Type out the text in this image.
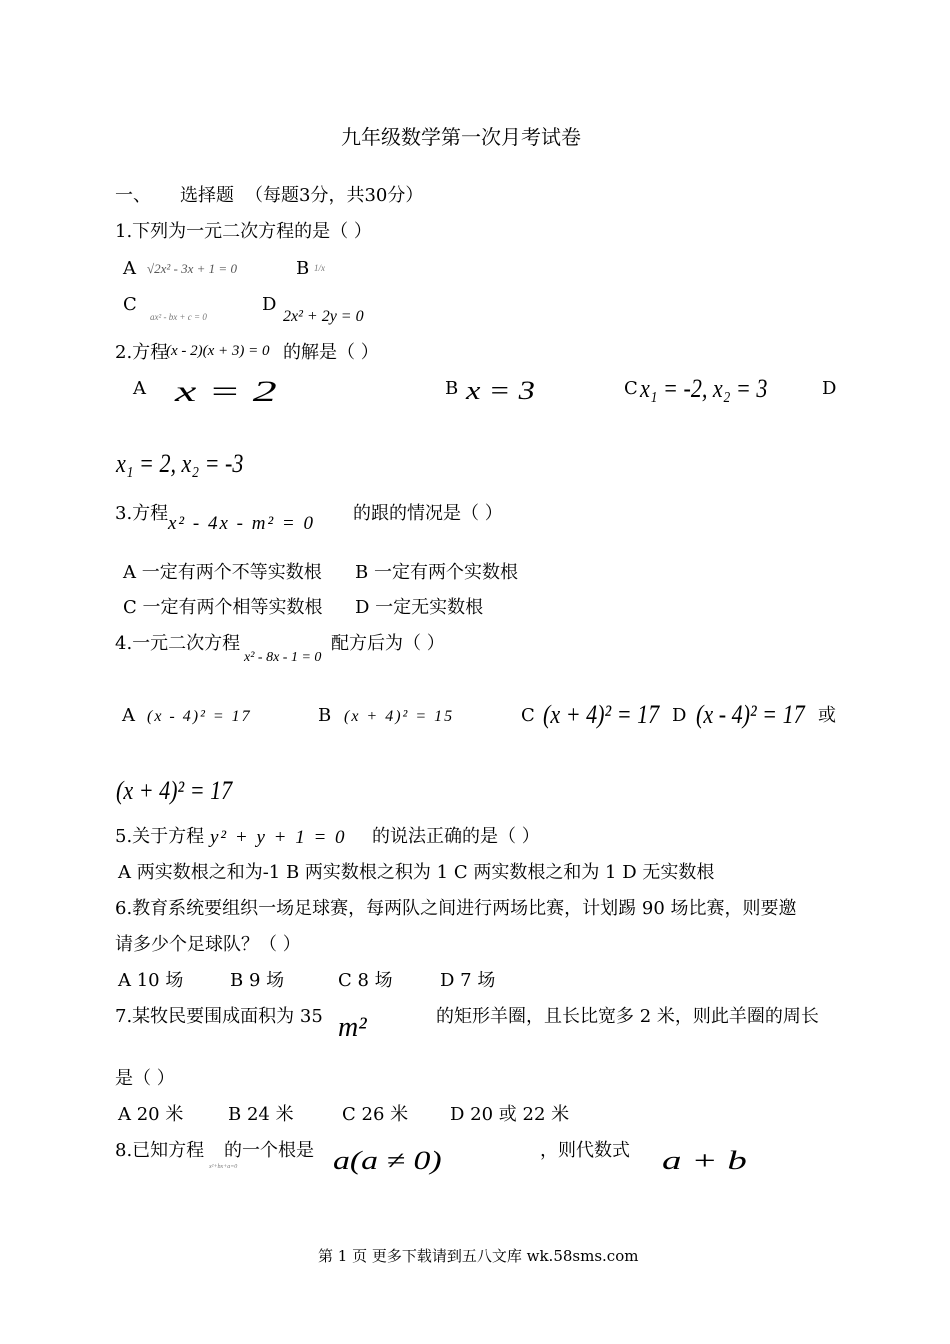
九年级数学第一次月考试卷
一、 选择题 （每题3分，共30分）
1.下列为一元二次方程的是（ ）
A √2x² - 3x + 1 = 0	B 1/x
C
ax² - bx + c = 0
D
2x² + 2y = 0
2.方程
(x - 2)(x + 3) = 0 的解是（ ）
A x = 2	B x = 3	C x₁ = -2, x₂ = 3	D
x₁ = 2, x₂ = -3
3.方程 x² - 4x - m² = 0 的跟的情况是（ ）
A 一定有两个不等实数根 B 一定有两个实数根
C 一定有两个相等实数根 D 一定无实数根
4.一元二次方程
x² - 8x - 1 = 0
配方后为（ ）
A (x - 4)² = 17	B (x + 4)² = 15	C (x + 4)² = 17 D (x - 4)² = 17 或
(x + 4)² = 17
5.关于方程 y² + y + 1 = 0 的说法正确的是（ ）
A 两实数根之和为-1 B 两实数根之积为 1 C 两实数根之和为 1 D 无实数根
6.教育系统要组织一场足球赛，每两队之间进行两场比赛，计划踢 90 场比赛，则要邀
请多少个足球队？（ ）
A 10 场	B 9 场	C 8 场	D 7 场
7.某牧民要围成面积为 35 m²	的矩形羊圈，且长比宽多 2 米，则此羊圈的周长
是（ ）
A 20 米 B 24 米	C 26 米 D 20 或 22 米
8.已知方程
x²+bx+a=0
的一个根是 a(a ≠ 0)	，则代数式 a + b
第 1 页 更多下载请到五八文库 wk.58sms.com
